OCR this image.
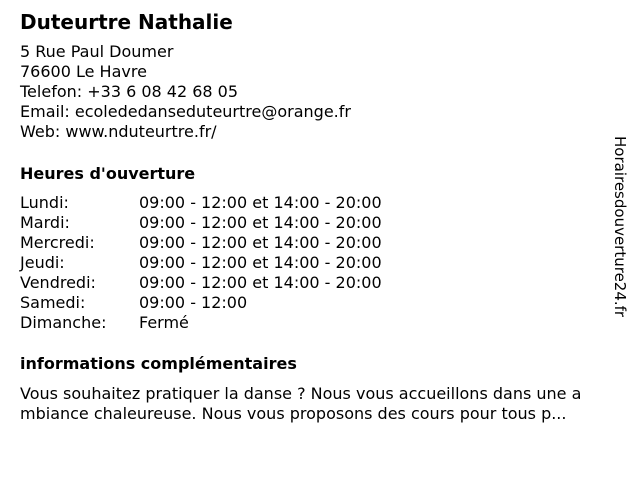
Duteurtre Nathalie
5 Rue Paul Doumer
76600 Le Havre
Telefon: +33 6 08 42 68 05
Email: ecolededanseduteurtre@orange.fr
Web: www.nduteurtre.fr/
Heures d'ouverture
Lundi:	09:00 - 12:00 et 14:00 - 20:00
Mardi:	09:00 - 12:00 et 14:00 - 20:00
Mercredi:	09:00 - 12:00 et 14:00 - 20:00
Jeudi:	09:00 - 12:00 et 14:00 - 20:00
Vendredi:	09:00 - 12:00 et 14:00 - 20:00
Samedi:	09:00 - 12:00
Dimanche:	Fermé
informations complémentaires
Vous souhaitez pratiquer la danse ? Nous vous accueillons dans une a
mbiance chaleureuse. Nous vous proposons des cours pour tous p...
Horairesdouverture24.fr
